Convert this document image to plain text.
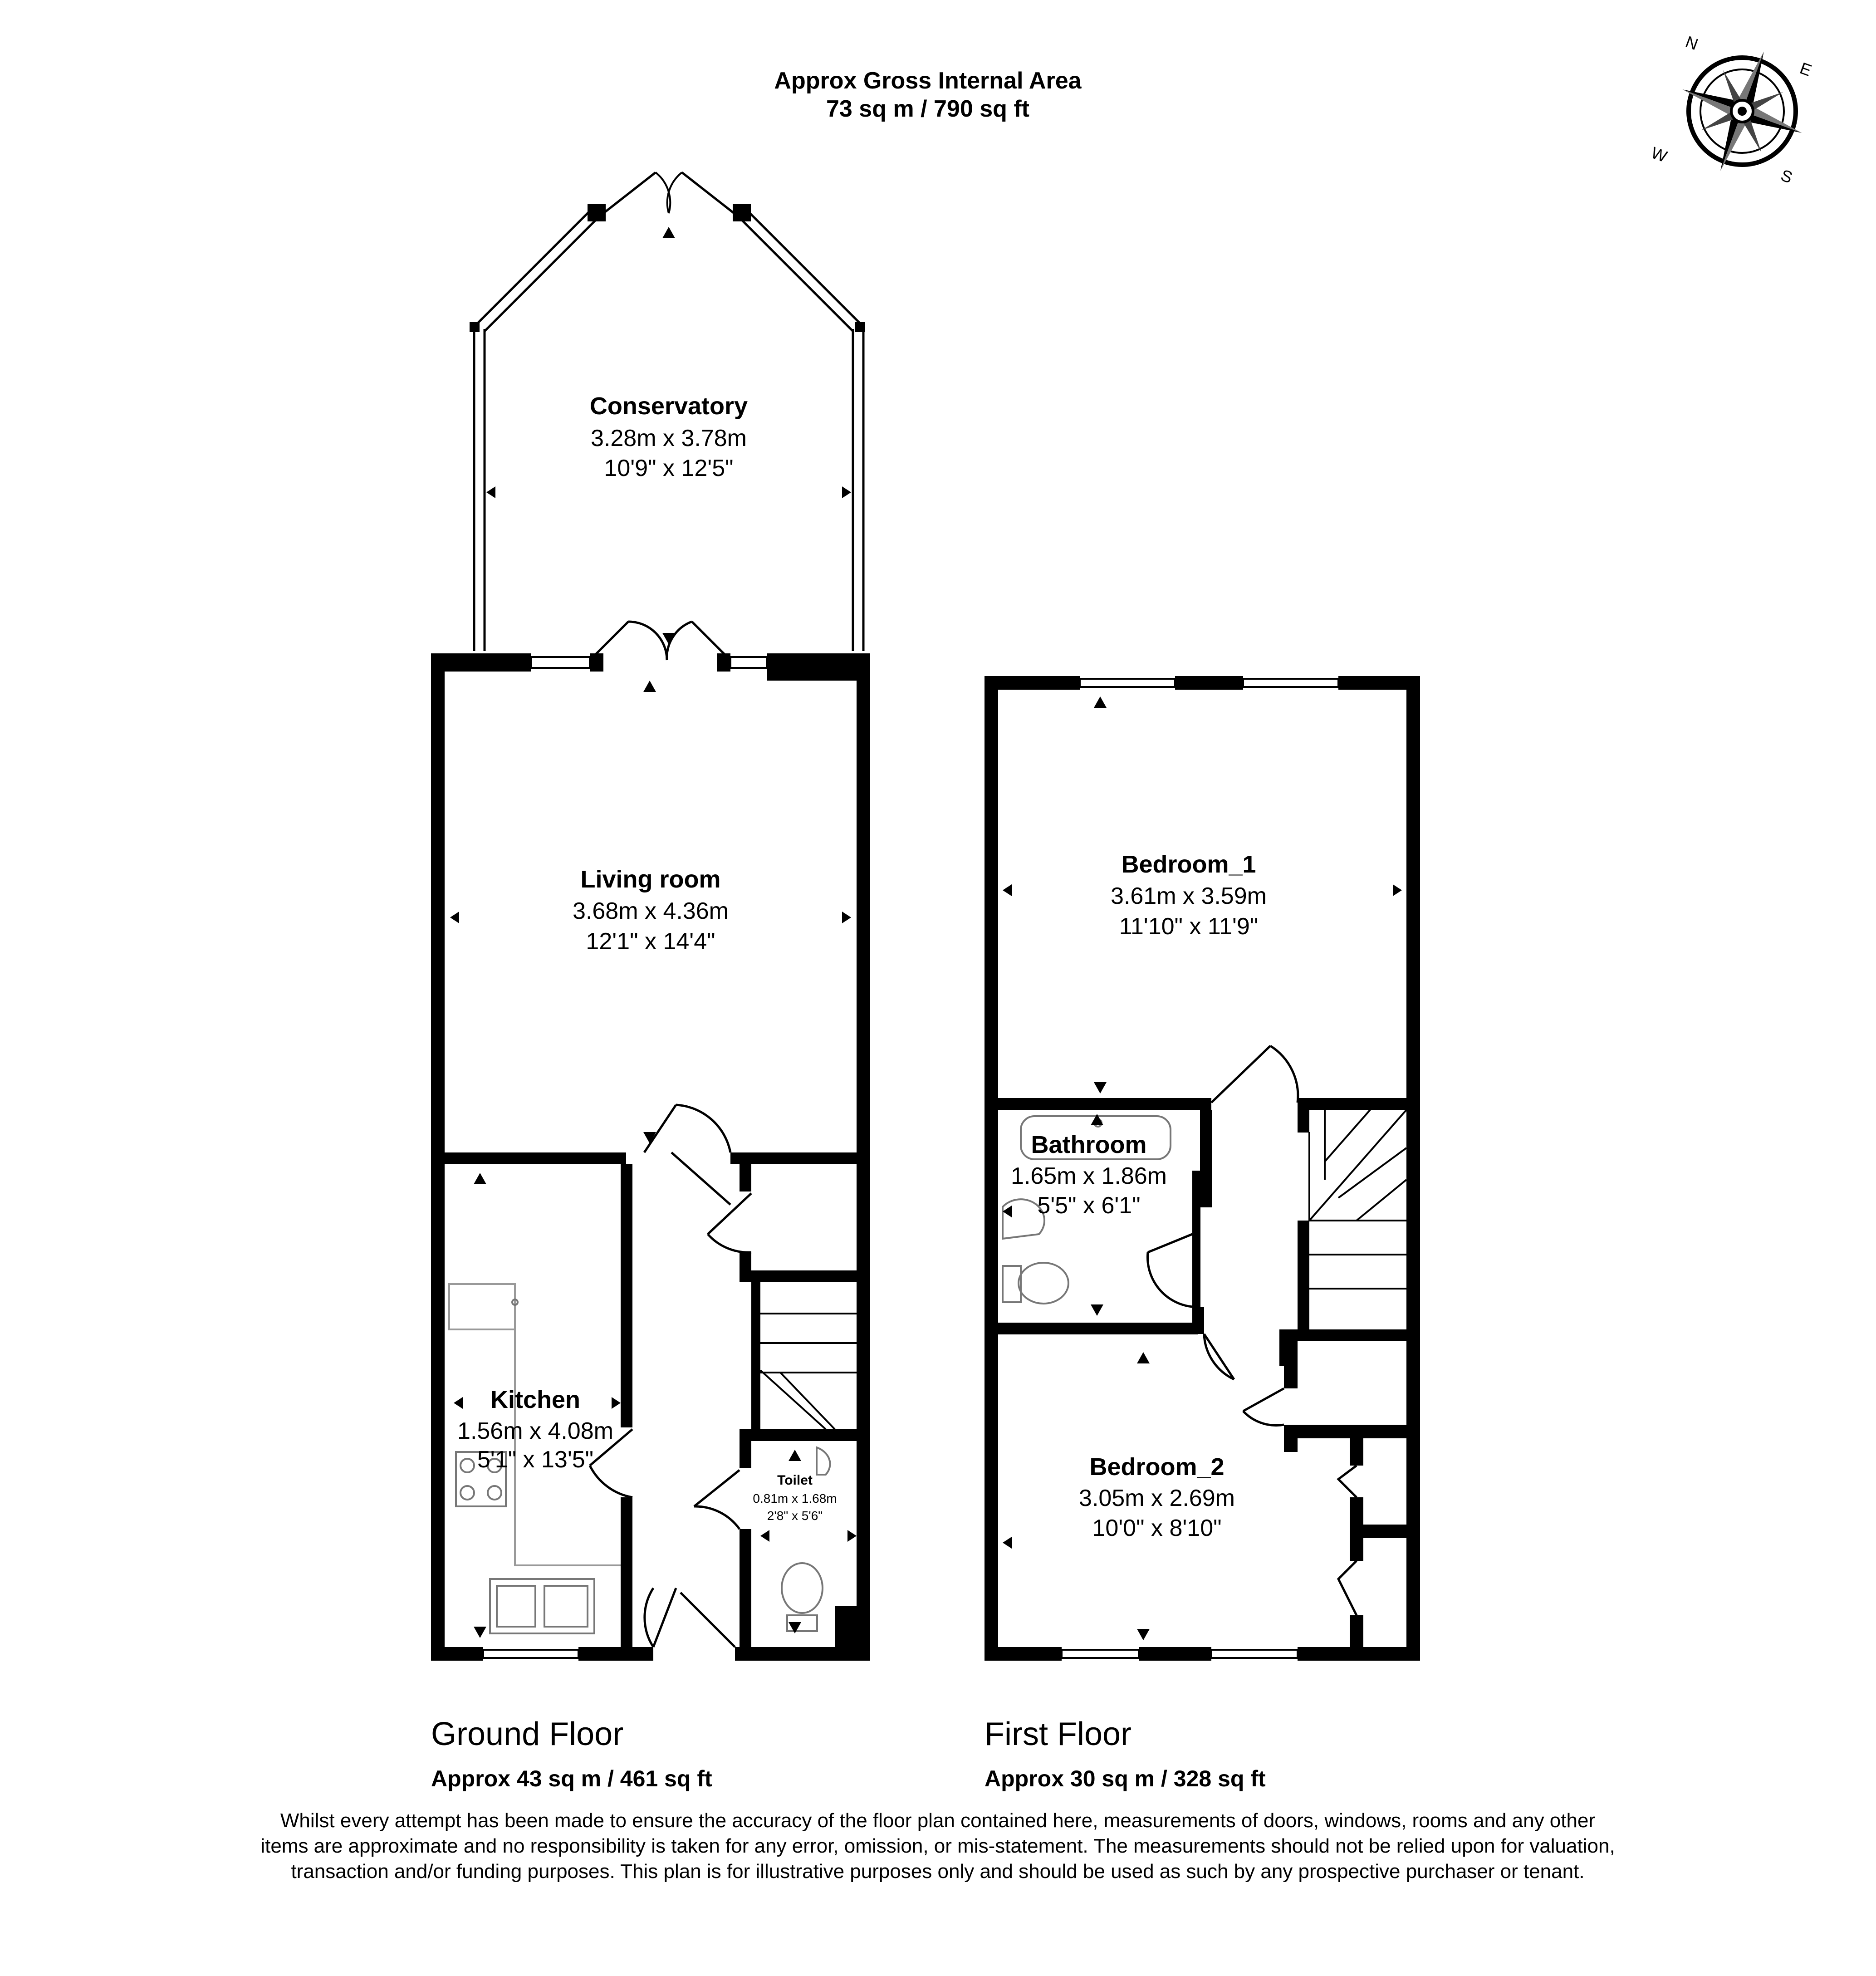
Approx Gross Internal Area
73 sq m / 790 sq ft
N
E
S
W
Conservatory
3.28m x 3.78m
10'9" x 12'5"
Living room
3.68m x 4.36m
12'1" x 14'4"
Kitchen
1.56m x 4.08m
5'1" x 13'5"
Toilet
0.81m x 1.68m
2'8" x 5'6"
Bedroom_1
3.61m x 3.59m
11'10" x 11'9"
Bathroom
1.65m x 1.86m
5'5" x 6'1"
Bedroom_2
3.05m x 2.69m
10'0" x 8'10"
Ground Floor
Approx 43 sq m / 461 sq ft
First Floor
Approx 30 sq m / 328 sq ft
Whilst every attempt has been made to ensure the accuracy of the floor plan contained here, measurements of doors, windows, rooms and any other items are approximate and no responsibility is taken for any error, omission, or mis-statement. The measurements should not be relied upon for valuation, transaction and/or funding purposes. This plan is for illustrative purposes only and should be used as such by any prospective purchaser or tenant.
